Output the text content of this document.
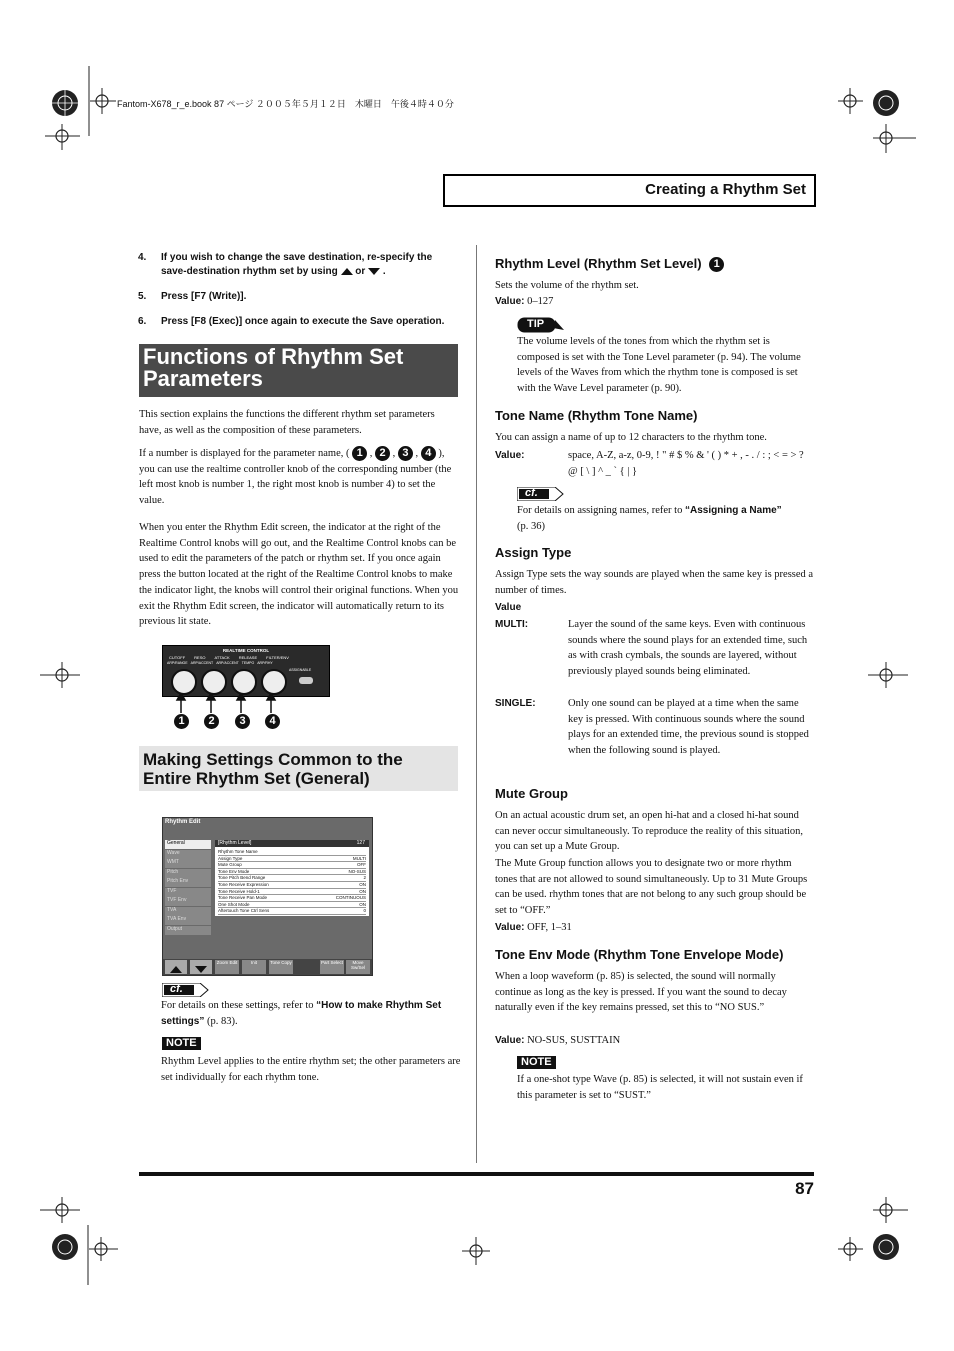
Fantom-X678_r_e.book 87 ページ ２００５年５月１２日　木曜日　午後４時４０分
Creating a Rhythm Set
4. If you wish to change the save destination, re-specify the save-destination rhythm set by using or .
5. Press [F7 (Write)].
6. Press [F8 (Exec)] once again to execute the Save operation.
Functions of Rhythm Set Parameters
This section explains the functions the different rhythm set parameters have, as well as the composition of these parameters.
If a number is displayed for the parameter name, ( 1 , 2 , 3 , 4 ), you can use the realtime controller knob of the corresponding number (the left most knob is number 1, the right most knob is number 4) to set the value.
When you enter the Rhythm Edit screen, the indicator at the right of the Realtime Control knobs will go out, and the Realtime Control knobs can be used to edit the parameters of the patch or rhythm set. If you once again press the button located at the right of the Realtime Control knobs to make the indicator light, the knobs will control their original functions. When you exit the Rhythm Edit screen, the indicator will automatically return to its previous lit state.
REALTIME CONTROL
CUTOFF RESO ATTACK RELEASE FILTER/ENV
ARP/RANGE ARP/ACCENT ARP/ACCENT TEMPO ARP/RHY
ASSIGNABLE
1	2	3	4
Making Settings Common to the Entire Rhythm Set (General)
Rhythm Edit
General
Wave
WMT
Pitch
Pitch Env
TVF
TVF Env
TVA
TVA Env
Output
[Rhythm Level]	127
Rhythm Tone Name
Assign Type	MULTI
Mute Group	OFF
Tone Env Mode	NO-SUS
Tone Pitch Bend Range	2
Tone Receive Expression	ON
Tone Receive Hold-1	ON
Tone Receive Pan Mode	CONTINUOUS
One Shot Mode	ON
Aftertouch Tone Ctrl Sens	0
Zoom Edit	Init	Tone Copy	Part Select	Move Sw/Sel
cf.
For details on these settings, refer to “How to make Rhythm Set settings” (p. 83).
NOTE
Rhythm Level applies to the entire rhythm set; the other parameters are set individually for each rhythm tone.
Rhythm Level (Rhythm Set Level) 1
Sets the volume of the rhythm set.
Value: 0–127
TIP
The volume levels of the tones from which the rhythm set is composed is set with the Tone Level parameter (p. 94). The volume levels of the Waves from which the rhythm tone is composed is set with the Wave Level parameter (p. 90).
Tone Name (Rhythm Tone Name)
You can assign a name of up to 12 characters to the rhythm tone.
Value:	space, A-Z, a-z, 0-9, ! " # $ % & ' ( ) * + , - . / : ; < = > ? @ [ \ ] ^ _ ` { | }
cf.
For details on assigning names, refer to “Assigning a Name”
(p. 36)
Assign Type
Assign Type sets the way sounds are played when the same key is pressed a number of times.
Value
MULTI:	Layer the sound of the same keys. Even with continuous sounds where the sound plays for an extended time, such as with crash cymbals, the sounds are layered, without previously played sounds being eliminated.
SINGLE:	Only one sound can be played at a time when the same key is pressed. With continuous sounds where the sound plays for an extended time, the previous sound is stopped when the following sound is played.
Mute Group
On an actual acoustic drum set, an open hi-hat and a closed hi-hat sound can never occur simultaneously. To reproduce the reality of this situation, you can set up a Mute Group.
The Mute Group function allows you to designate two or more rhythm tones that are not allowed to sound simultaneously. Up to 31 Mute Groups can be used. rhythm tones that are not belong to any such group should be set to “OFF.”
Value: OFF, 1–31
Tone Env Mode (Rhythm Tone Envelope Mode)
When a loop waveform (p. 85) is selected, the sound will normally continue as long as the key is pressed. If you want the sound to decay naturally even if the key remains pressed, set this to “NO SUS.”
Value: NO-SUS, SUSTTAIN
NOTE
If a one-shot type Wave (p. 85) is selected, it will not sustain even if this parameter is set to “SUST.”
87
